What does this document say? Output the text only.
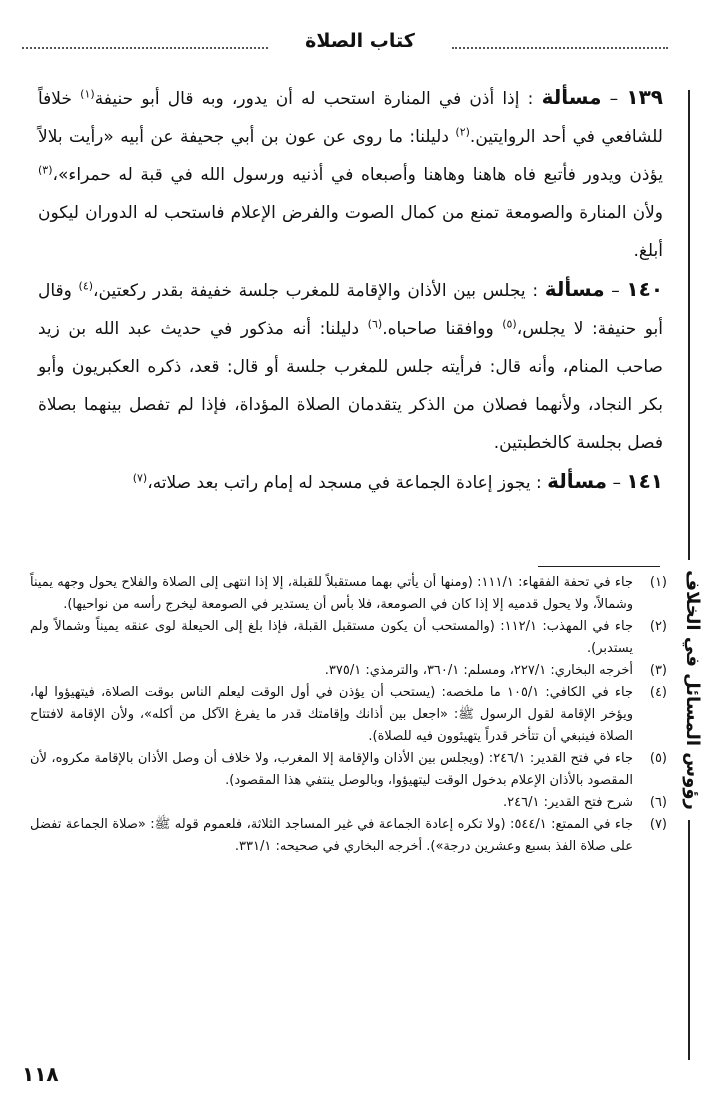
كتاب الصلاة
رؤوس المسائل في الخلاف

١٣٩ – مسألة : إذا أذن في المنارة استحب له أن يدور، وبه قال أبو حنيفة$^{(١)}$ خلافاً للشافعي في أحد الروايتين.$^{(٢)}$ دليلنا: ما روى عن عون بن أبي جحيفة عن أبيه «رأيت بلالاً يؤذن ويدور فأتبع فاه هاهنا وهاهنا وأصبعاه في أذنيه ورسول الله في قبة له حمراء»،$^{(٣)}$ ولأن المنارة والصومعة تمنع من كمال الصوت والفرض الإعلام فاستحب له الدوران ليكون أبلغ.

١٤٠ – مسألة : يجلس بين الأذان والإقامة للمغرب جلسة خفيفة بقدر ركعتين،$^{(٤)}$ وقال أبو حنيفة: لا يجلس،$^{(٥)}$ ووافقنا صاحباه.$^{(٦)}$ دليلنا: أنه مذكور في حديث عبد الله بن زيد صاحب المنام، وأنه قال: فرأيته جلس للمغرب جلسة أو قال: قعد، ذكره العكبريون وأبو بكر النجاد، ولأنهما فصلان من الذكر يتقدمان الصلاة المؤداة، فإذا لم تفصل بينهما بصلاة فصل بجلسة كالخطبتين.

١٤١ – مسألة : يجوز إعادة الجماعة في مسجد له إمام راتب بعد صلاته،$^{(٧)}$

(١)
جاء في تحفة الفقهاء: ١١١/١: (ومنها أن يأتي بهما مستقبلاً للقبلة، إلا إذا انتهى إلى الصلاة والفلاح يحول وجهه يميناً وشمالاً، ولا يحول قدميه إلا إذا كان في الصومعة، فلا بأس أن يستدير في الصومعة ليخرج رأسه من نواحيها).
(٢)
جاء في المهذب: ١١٢/١: (والمستحب أن يكون مستقبل القبلة، فإذا بلغ إلى الحيعلة لوى عنقه يميناً وشمالاً ولم يستدبر).
(٣)
أخرجه البخاري: ٢٢٧/١، ومسلم: ٣٦٠/١، والترمذي: ٣٧٥/١.
(٤)
جاء في الكافي: ١٠٥/١ ما ملخصه: (يستحب أن يؤذن في أول الوقت ليعلم الناس بوقت الصلاة، فيتهيؤوا لها، ويؤخر الإقامة لقول الرسول ﷺ: «اجعل بين أذانك وإقامتك قدر ما يفرغ الآكل من أكله»، ولأن الإقامة لافتتاح الصلاة فينبغي أن تتأخر قدراً يتهيئوون فيه للصلاة).
(٥)
جاء في فتح القدير: ٢٤٦/١: (ويجلس بين الأذان والإقامة إلا المغرب، ولا خلاف أن وصل الأذان بالإقامة مكروه، لأن المقصود بالأذان الإعلام بدخول الوقت ليتهيؤوا، وبالوصل ينتفي هذا المقصود).
(٦)
شرح فتح القدير: ٢٤٦/١.
(٧)
جاء في الممتع: ٥٤٤/١: (ولا تكره إعادة الجماعة في غير المساجد الثلاثة، فلعموم قوله ﷺ: «صلاة الجماعة تفضل على صلاة الفذ بسبع وعشرين درجة»). أخرجه البخاري في صحيحه: ٣٣١/١.
١١٨
